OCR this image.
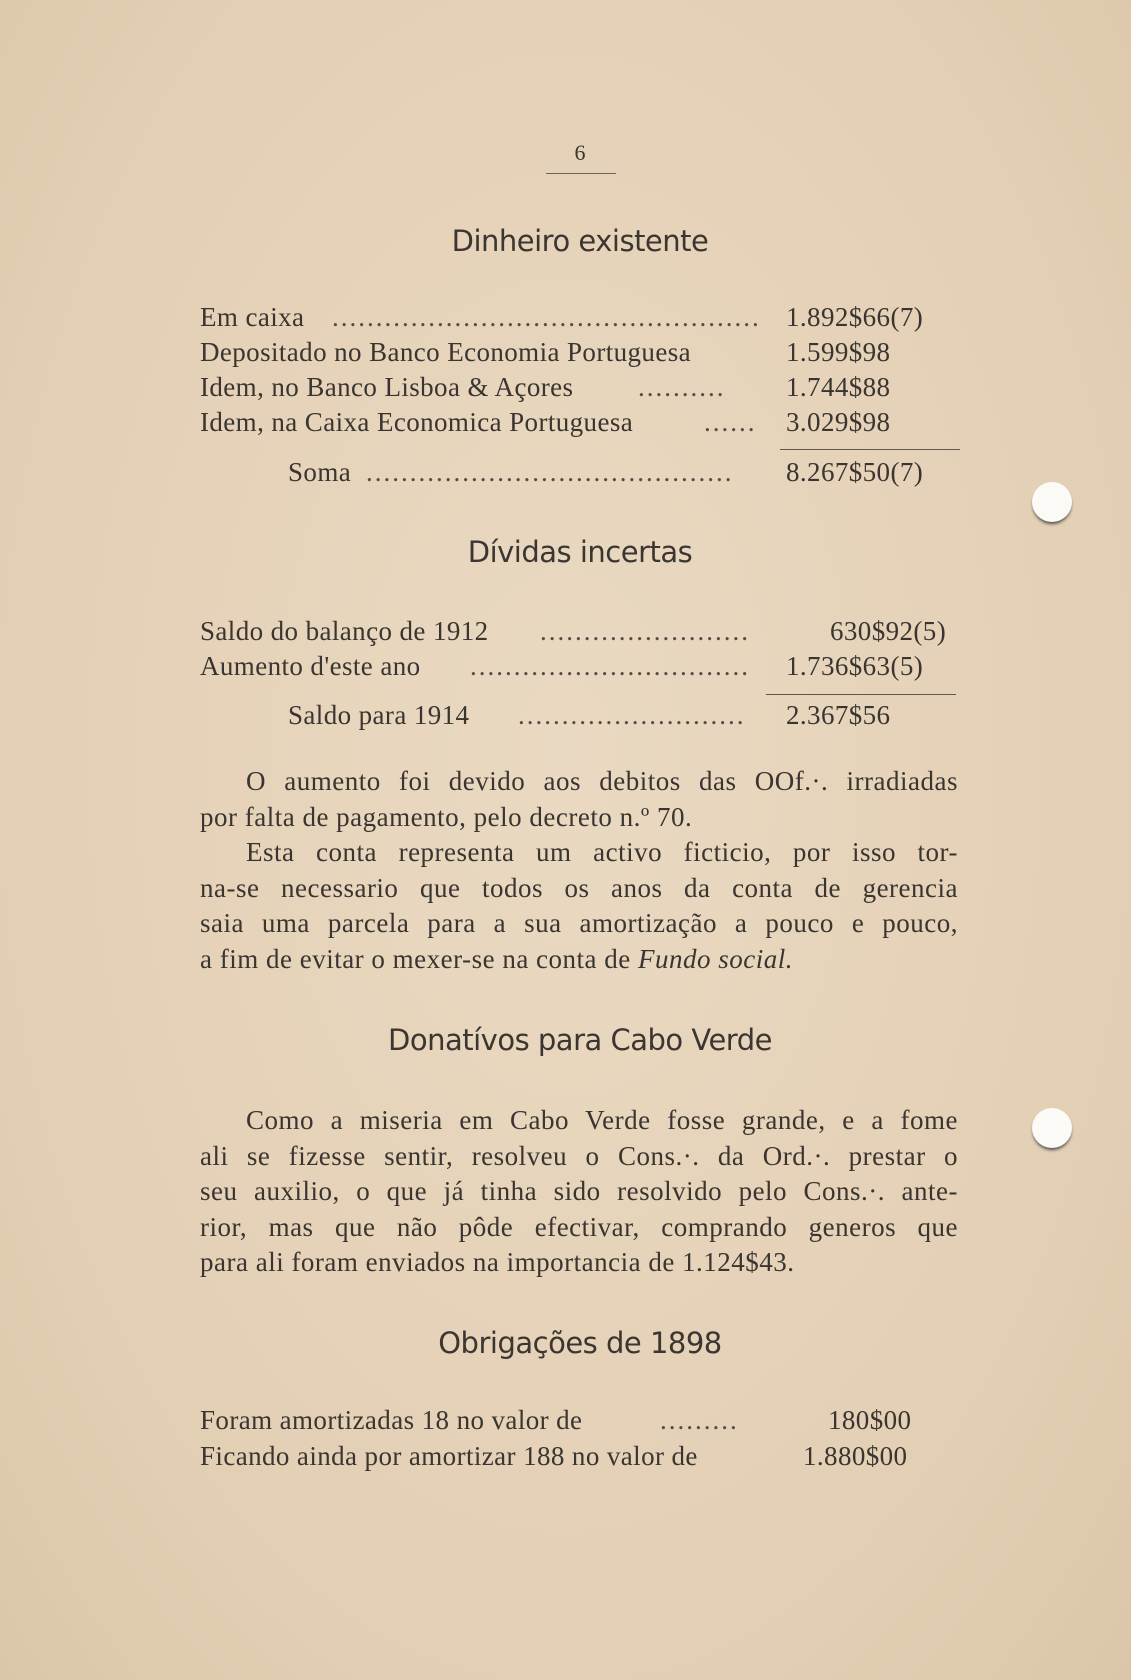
6
Dinheiro existente
Em caixa ................................................. 1.892$66(7)
Depositado no Banco Economia Portuguesa	1.599$98
Idem, no Banco Lisboa & Açores .......... 1.744$88
Idem, na Caixa Economica Portuguesa	...... 3.029$98
Soma ..........................................	8.267$50(7)
Dívidas incertas
Saldo do balanço de 1912 ........................	630$92(5)
Aumento d'este ano ................................	1.736$63(5)
Saldo para 1914 ..........................	2.367$56
O aumento foi devido aos debitos das OOf.·. irradiadas
por falta de pagamento, pelo decreto n.º 70.
Esta conta representa um activo ficticio, por isso tor-
na-se necessario que todos os anos da conta de gerencia
saia uma parcela para a sua amortização a pouco e pouco,
a fim de evitar o mexer-se na conta de Fundo social.
Donatívos para Cabo Verde
Como a miseria em Cabo Verde fosse grande, e a fome
ali se fizesse sentir, resolveu o Cons.·. da Ord.·. prestar o
seu auxilio, o que já tinha sido resolvido pelo Cons.·. ante-
rior, mas que não pôde efectivar, comprando generos que
para ali foram enviados na importancia de 1.124$43.
Obrigações de 1898
Foram amortizadas 18 no valor de	.........	180$00
Ficando ainda por amortizar 188 no valor de	1.880$00
